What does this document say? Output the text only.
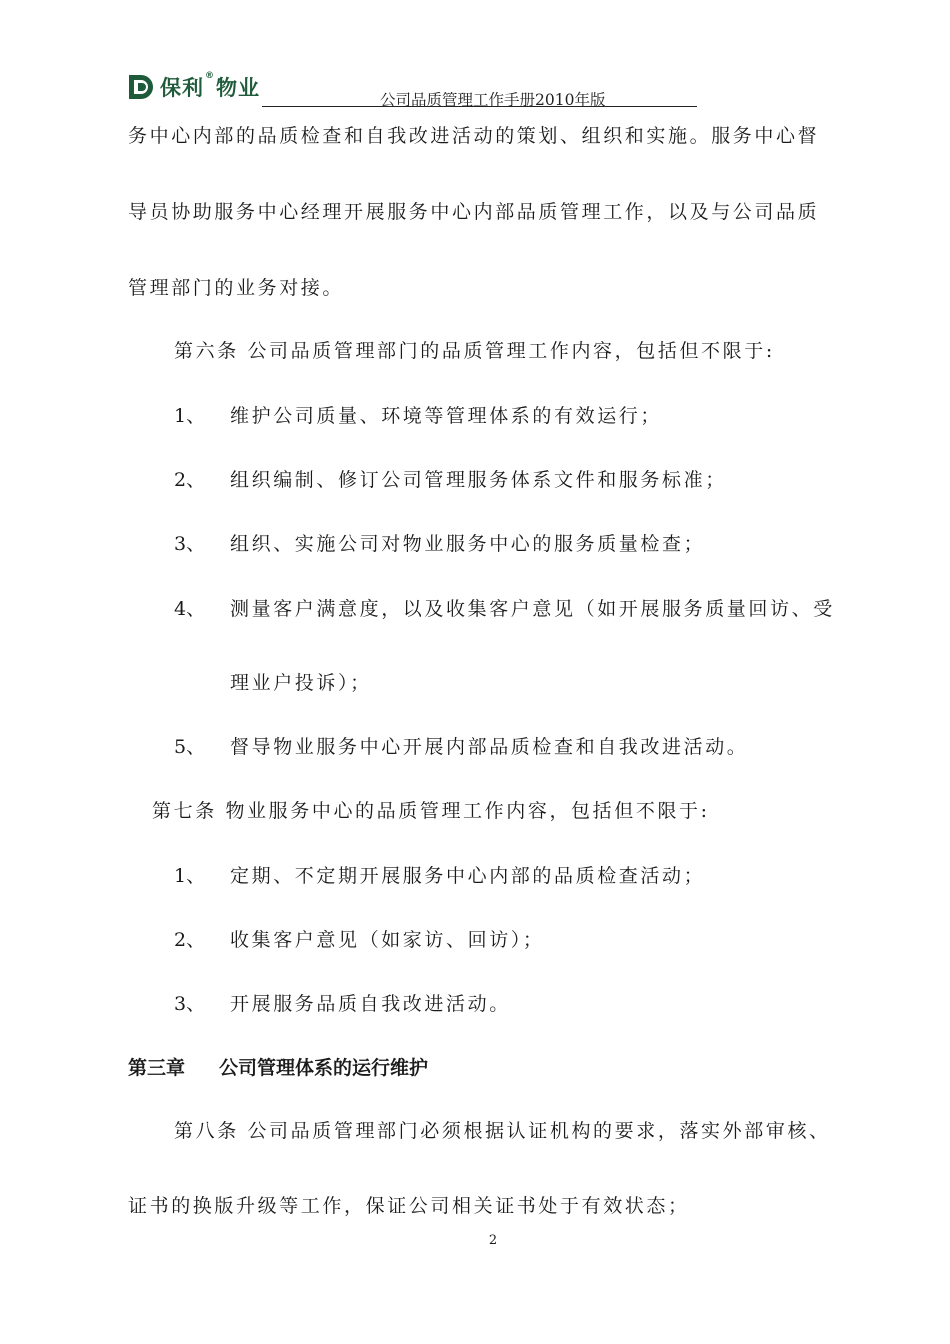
保利 ® 物业	公司品质管理工作手册2010年版
务中心内部的品质检查和自我改进活动的策划、组织和实施。服务中心督
导员协助服务中心经理开展服务中心内部品质管理工作，以及与公司品质
管理部门的业务对接。
第六条 公司品质管理部门的品质管理工作内容，包括但不限于:
1、 维护公司质量、环境等管理体系的有效运行；
2、 组织编制、修订公司管理服务体系文件和服务标准；
3、 组织、实施公司对物业服务中心的服务质量检查；
4、 测量客户满意度，以及收集客户意见（如开展服务质量回访、受
理业户投诉）；
5、 督导物业服务中心开展内部品质检查和自我改进活动。
第七条 物业服务中心的品质管理工作内容，包括但不限于:
1、 定期、不定期开展服务中心内部的品质检查活动；
2、 收集客户意见（如家访、回访）；
3、 开展服务品质自我改进活动。
第三章 公司管理体系的运行维护
第八条 公司品质管理部门必须根据认证机构的要求，落实外部审核、
证书的换版升级等工作，保证公司相关证书处于有效状态；
2
